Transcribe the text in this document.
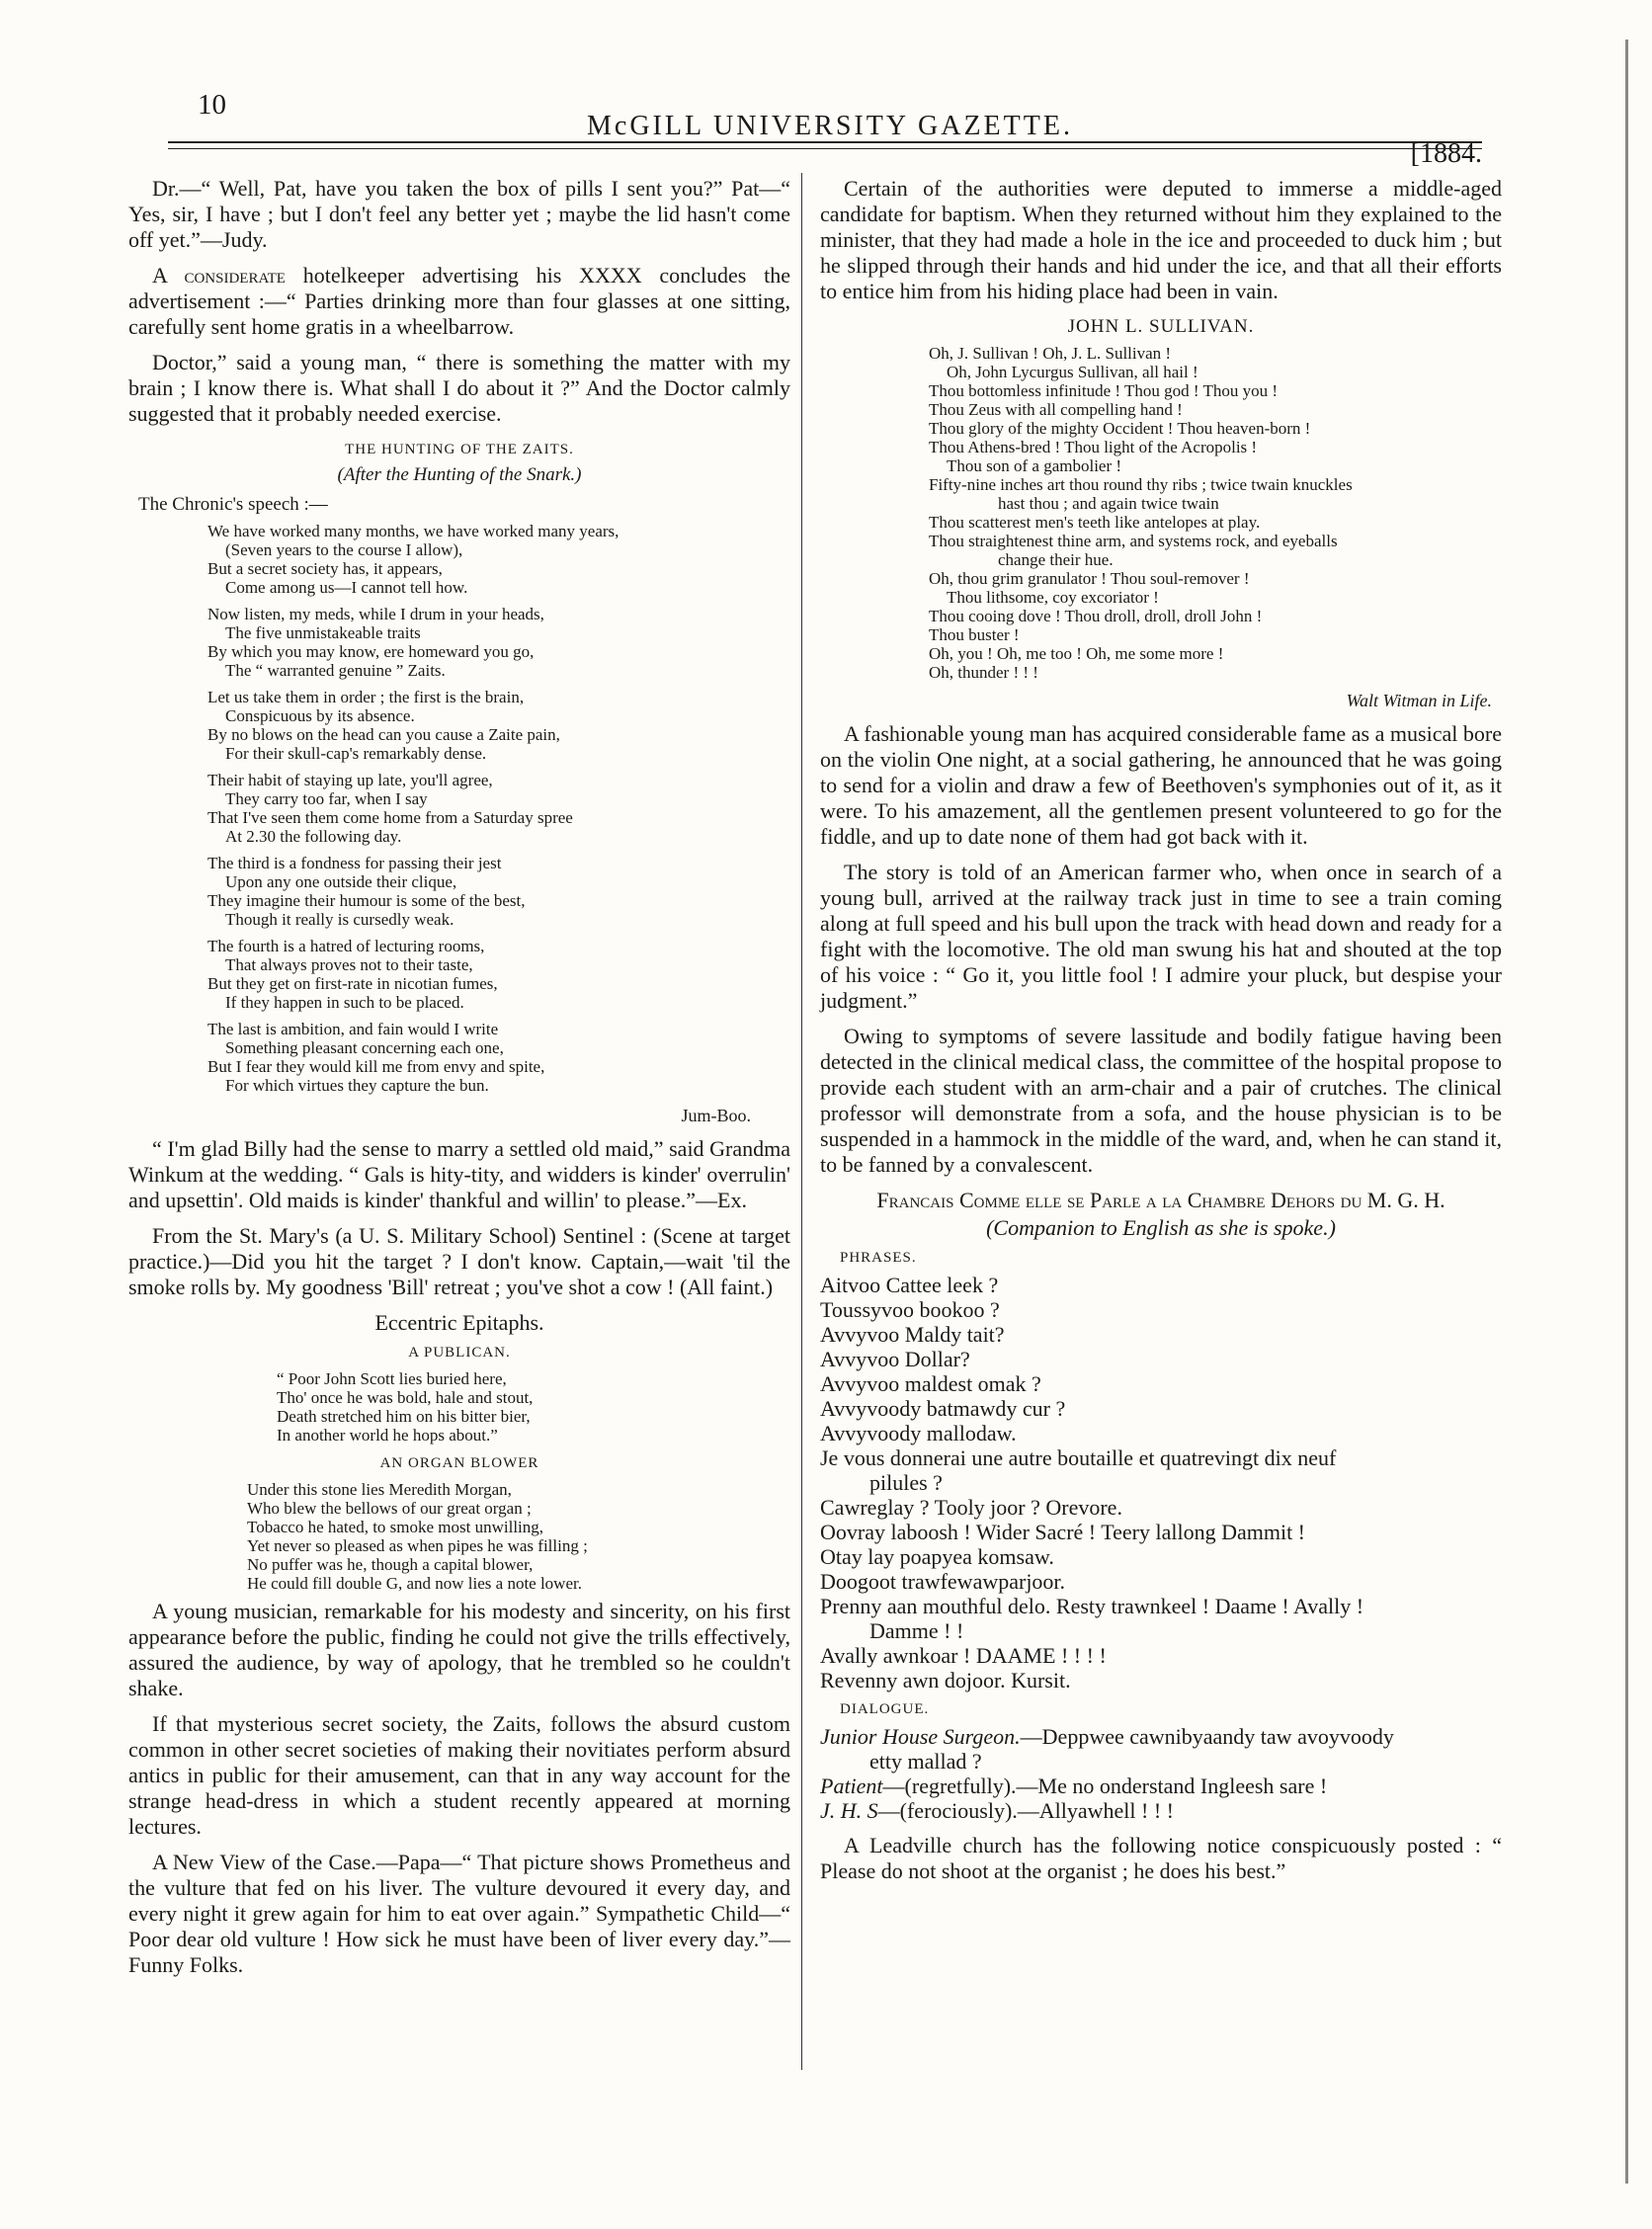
10
McGILL UNIVERSITY GAZETTE.
[1884.

Dr.—“ Well, Pat, have you taken the box of pills I sent you?” Pat—“ Yes, sir, I have ; but I don't feel any better yet ; maybe the lid hasn't come off yet.”—Judy.

A considerate hotelkeeper advertising his XXXX concludes the advertisement :—“ Parties drinking more than four glasses at one sitting, carefully sent home gratis in a wheelbarrow.

Doctor,” said a young man, “ there is something the matter with my brain ; I know there is. What shall I do about it ?” And the Doctor calmly suggested that it probably needed exercise.

THE HUNTING OF THE ZAITS.
(After the Hunting of the Snark.)
The Chronic's speech :—
We have worked many months, we have worked many years,
(Seven years to the course I allow),
But a secret society has, it appears,
Come among us—I cannot tell how.
Now listen, my meds, while I drum in your heads,
The five unmistakeable traits
By which you may know, ere homeward you go,
The “ warranted genuine ” Zaits.
Let us take them in order ; the first is the brain,
Conspicuous by its absence.
By no blows on the head can you cause a Zaite pain,
For their skull-cap's remarkably dense.
Their habit of staying up late, you'll agree,
They carry too far, when I say
That I've seen them come home from a Saturday spree
At 2.30 the following day.
The third is a fondness for passing their jest
Upon any one outside their clique,
They imagine their humour is some of the best,
Though it really is cursedly weak.
The fourth is a hatred of lecturing rooms,
That always proves not to their taste,
But they get on first-rate in nicotian fumes,
If they happen in such to be placed.
The last is ambition, and fain would I write
Something pleasant concerning each one,
But I fear they would kill me from envy and spite,
For which virtues they capture the bun.
Jum-Boo.

“ I'm glad Billy had the sense to marry a settled old maid,” said Grandma Winkum at the wedding. “ Gals is hity-tity, and widders is kinder' overrulin' and upsettin'. Old maids is kinder' thankful and willin' to please.”—Ex.

From the St. Mary's (a U. S. Military School) Sentinel : (Scene at target practice.)—Did you hit the target ? I don't know. Captain,—wait 'til the smoke rolls by. My goodness 'Bill' retreat ; you've shot a cow ! (All faint.)

Eccentric Epitaphs.
A PUBLICAN.
“ Poor John Scott lies buried here,
Tho' once he was bold, hale and stout,
Death stretched him on his bitter bier,
In another world he hops about.”
AN ORGAN BLOWER
Under this stone lies Meredith Morgan,
Who blew the bellows of our great organ ;
Tobacco he hated, to smoke most unwilling,
Yet never so pleased as when pipes he was filling ;
No puffer was he, though a capital blower,
He could fill double G, and now lies a note lower.

A young musician, remarkable for his modesty and sincerity, on his first appearance before the public, finding he could not give the trills effectively, assured the audience, by way of apology, that he trembled so he couldn't shake.

If that mysterious secret society, the Zaits, follows the absurd custom common in other secret societies of making their novitiates perform absurd antics in public for their amusement, can that in any way account for the strange head-dress in which a student recently appeared at morning lectures.

A New View of the Case.—Papa—“ That picture shows Prometheus and the vulture that fed on his liver. The vulture devoured it every day, and every night it grew again for him to eat over again.” Sympathetic Child—“ Poor dear old vulture ! How sick he must have been of liver every day.”—Funny Folks.

Certain of the authorities were deputed to immerse a middle-aged candidate for baptism. When they returned without him they explained to the minister, that they had made a hole in the ice and proceeded to duck him ; but he slipped through their hands and hid under the ice, and that all their efforts to entice him from his hiding place had been in vain.

JOHN L. SULLIVAN.
Oh, J. Sullivan ! Oh, J. L. Sullivan !
Oh, John Lycurgus Sullivan, all hail !
Thou bottomless infinitude ! Thou god ! Thou you !
Thou Zeus with all compelling hand !
Thou glory of the mighty Occident ! Thou heaven-born !
Thou Athens-bred ! Thou light of the Acropolis !
Thou son of a gambolier !
Fifty-nine inches art thou round thy ribs ; twice twain knuckles
hast thou ; and again twice twain
Thou scatterest men's teeth like antelopes at play.
Thou straightenest thine arm, and systems rock, and eyeballs
change their hue.
Oh, thou grim granulator ! Thou soul-remover !
Thou lithsome, coy excoriator !
Thou cooing dove ! Thou droll, droll, droll John !
Thou buster !
Oh, you ! Oh, me too ! Oh, me some more !
Oh, thunder ! ! !
Walt Witman in Life.

A fashionable young man has acquired considerable fame as a musical bore on the violin One night, at a social gathering, he announced that he was going to send for a violin and draw a few of Beethoven's symphonies out of it, as it were. To his amazement, all the gentlemen present volunteered to go for the fiddle, and up to date none of them had got back with it.

The story is told of an American farmer who, when once in search of a young bull, arrived at the railway track just in time to see a train coming along at full speed and his bull upon the track with head down and ready for a fight with the locomotive. The old man swung his hat and shouted at the top of his voice : “ Go it, you little fool ! I admire your pluck, but despise your judgment.”

Owing to symptoms of severe lassitude and bodily fatigue having been detected in the clinical medical class, the committee of the hospital propose to provide each student with an arm-chair and a pair of crutches. The clinical professor will demonstrate from a sofa, and the house physician is to be suspended in a hammock in the middle of the ward, and, when he can stand it, to be fanned by a convalescent.

Francais Comme elle se Parle a la Chambre Dehors du M. G. H.
(Companion to English as she is spoke.)
PHRASES.
Aitvoo Cattee leek ?
Toussyvoo bookoo ?
Avvyvoo Maldy tait?
Avvyvoo Dollar?
Avvyvoo maldest omak ?
Avvyvoody batmawdy cur ?
Avvyvoody mallodaw.
Je vous donnerai une autre boutaille et quatrevingt dix neuf
pilules ?
Cawreglay ? Tooly joor ? Orevore.
Oovray laboosh ! Wider Sacré ! Teery lallong Dammit !
Otay lay poapyea komsaw.
Doogoot trawfewawparjoor.
Prenny aan mouthful delo. Resty trawnkeel ! Daame ! Avally !
Damme ! !
Avally awnkoar ! DAAME ! ! ! !
Revenny awn dojoor. Kursit.
DIALOGUE.
Junior House Surgeon.—Deppwee cawnibyaandy taw avoyvoody
etty mallad ?
Patient—(regretfully).—Me no onderstand Ingleesh sare !
J. H. S—(ferociously).—Allyawhell ! ! !

A Leadville church has the following notice conspicuously posted : “ Please do not shoot at the organist ; he does his best.”
